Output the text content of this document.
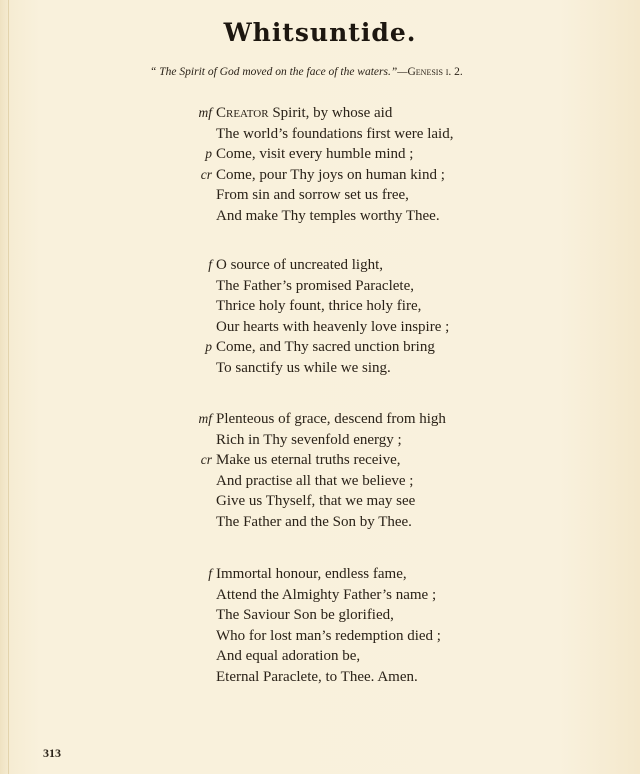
Whitsuntide.
“ The Spirit of God moved on the face of the waters.”—Genesis i. 2.
mf Creator Spirit, by whose aid
The world’s foundations first were laid,
p Come, visit every humble mind ;
cr Come, pour Thy joys on human kind ;
From sin and sorrow set us free,
And make Thy temples worthy Thee.
f O source of uncreated light,
The Father’s promised Paraclete,
Thrice holy fount, thrice holy fire,
Our hearts with heavenly love inspire ;
p Come, and Thy sacred unction bring
To sanctify us while we sing.
mf Plenteous of grace, descend from high
Rich in Thy sevenfold energy ;
cr Make us eternal truths receive,
And practise all that we believe ;
Give us Thyself, that we may see
The Father and the Son by Thee.
f Immortal honour, endless fame,
Attend the Almighty Father’s name ;
The Saviour Son be glorified,
Who for lost man’s redemption died ;
And equal adoration be,
Eternal Paraclete, to Thee. Amen.
313
